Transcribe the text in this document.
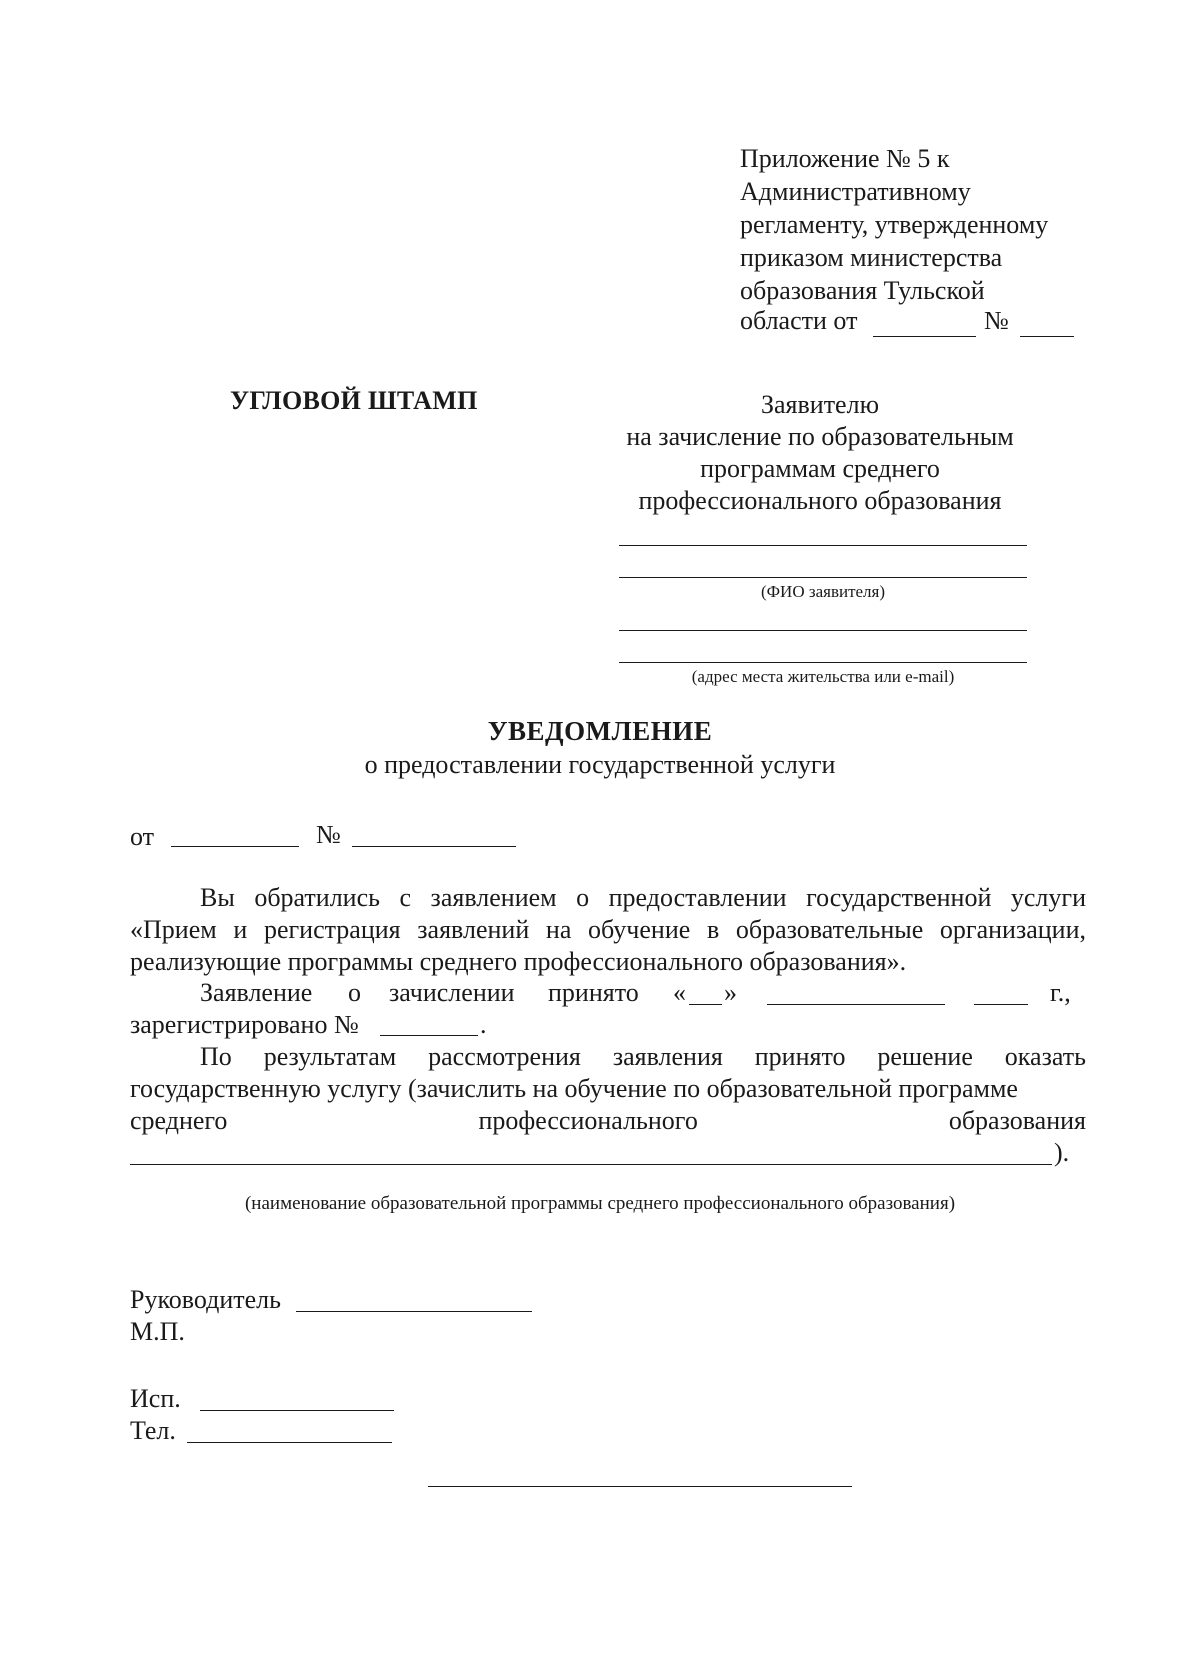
Приложение № 5 к
Административному
регламенту, утвержденному
приказом министерства
образования Тульской
области от	№
УГЛОВОЙ ШТАМП	Заявителю
на зачисление по образовательным
программам среднего
профессионального образования
(ФИО заявителя)
(адрес места жительства или e-mail)
УВЕДОМЛЕНИЕ
о предоставлении государственной услуги
от	№
Вы обратились с заявлением о предоставлении государственной услуги «Прием и регистрация заявлений на обучение в образовательные организации, реализующие программы среднего профессионального образования».
Заявление о зачислении принято « »	г.,
зарегистрировано №	.
По результатам рассмотрения заявления принято решение оказать
государственную услугу (зачислить на обучение по образовательной программе
среднего	профессионального	образования
).
(наименование образовательной программы среднего профессионального образования)
Руководитель
М.П.
Исп.
Тел.
